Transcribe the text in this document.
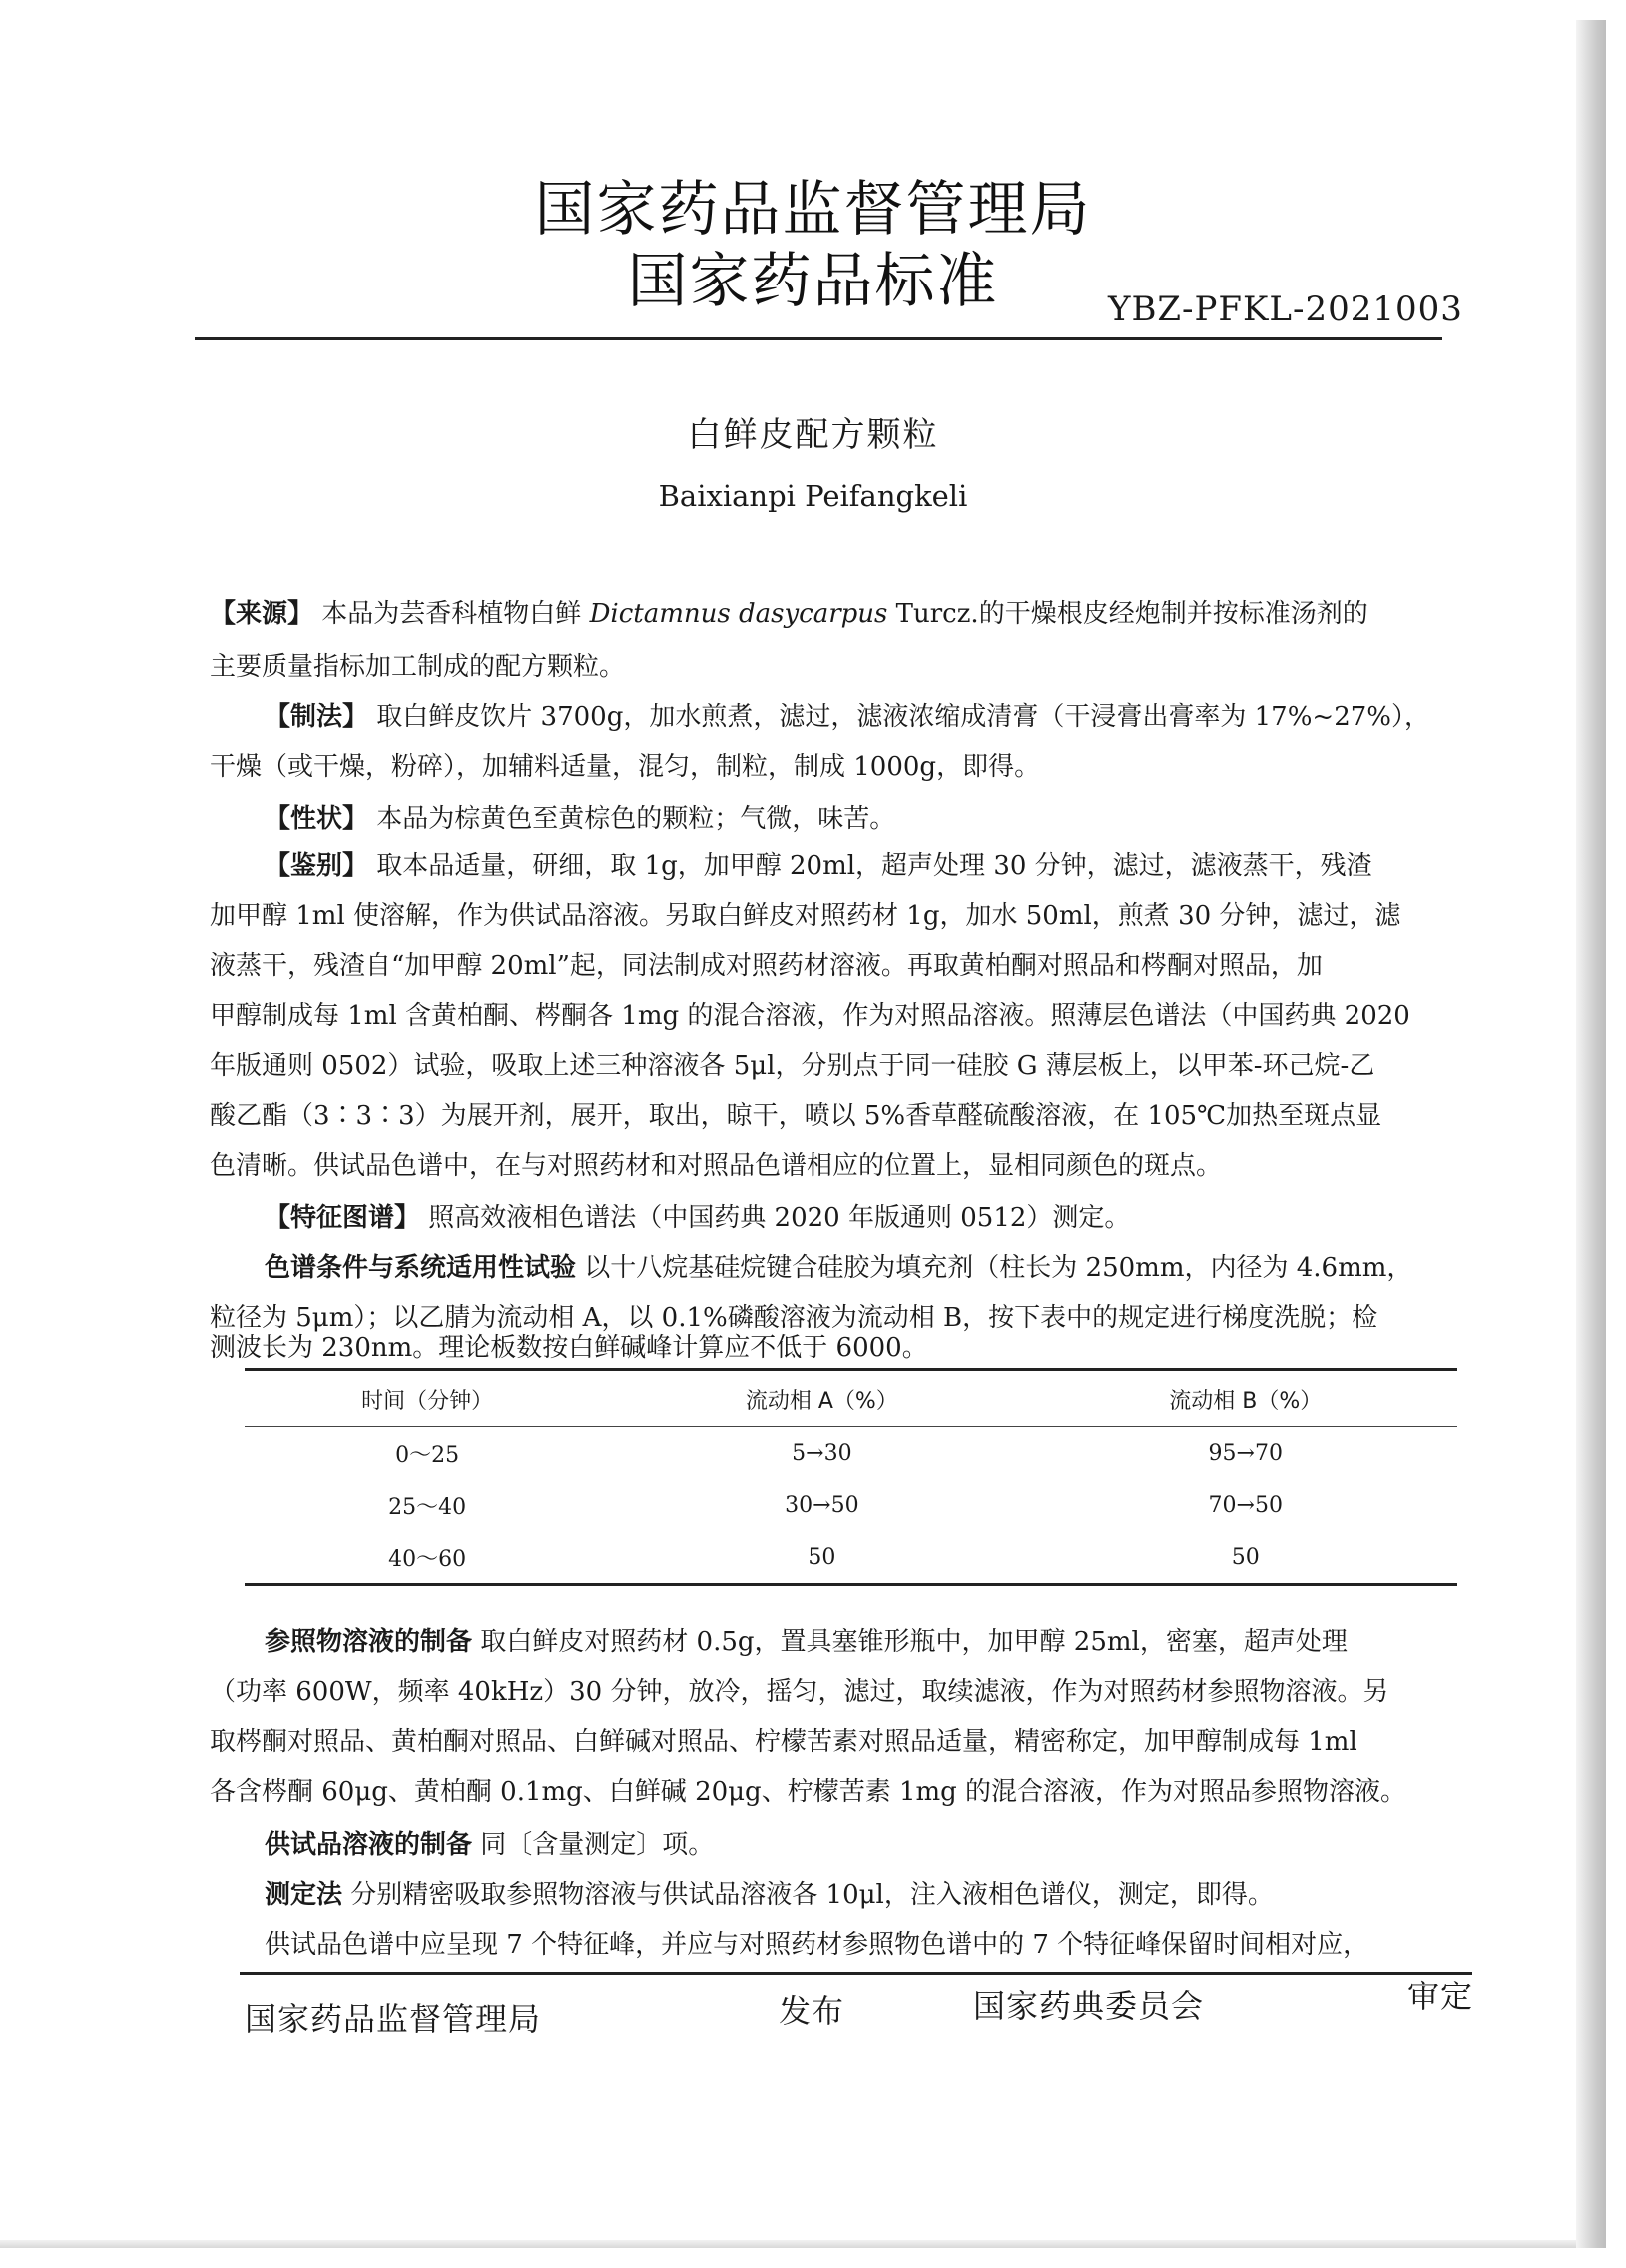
国家药品监督管理局
国家药品标准	YBZ-PFKL-2021003
白鲜皮配方颗粒
Baixianpi Peifangkeli
【来源】 本品为芸香科植物白鲜 Dictamnus dasycarpus Turcz.的干燥根皮经炮制并按标准汤剂的
主要质量指标加工制成的配方颗粒。
【制法】 取白鲜皮饮片 3700g，加水煎煮，滤过，滤液浓缩成清膏（干浸膏出膏率为 17%~27%），
干燥（或干燥，粉碎），加辅料适量，混匀，制粒，制成 1000g，即得。
【性状】 本品为棕黄色至黄棕色的颗粒；气微，味苦。
【鉴别】 取本品适量，研细，取 1g，加甲醇 20ml，超声处理 30 分钟，滤过，滤液蒸干，残渣
加甲醇 1ml 使溶解，作为供试品溶液。另取白鲜皮对照药材 1g，加水 50ml，煎煮 30 分钟，滤过，滤
液蒸干，残渣自“加甲醇 20ml”起，同法制成对照药材溶液。再取黄柏酮对照品和梣酮对照品，加
甲醇制成每 1ml 含黄柏酮、梣酮各 1mg 的混合溶液，作为对照品溶液。照薄层色谱法（中国药典 2020
年版通则 0502）试验，吸取上述三种溶液各 5μl，分别点于同一硅胶 G 薄层板上，以甲苯-环己烷-乙
酸乙酯（3∶3∶3）为展开剂，展开，取出，晾干，喷以 5%香草醛硫酸溶液，在 105℃加热至斑点显
色清晰。供试品色谱中，在与对照药材和对照品色谱相应的位置上，显相同颜色的斑点。
【特征图谱】 照高效液相色谱法（中国药典 2020 年版通则 0512）测定。
色谱条件与系统适用性试验 以十八烷基硅烷键合硅胶为填充剂（柱长为 250mm，内径为 4.6mm，
粒径为 5μm）；以乙腈为流动相 A，以 0.1%磷酸溶液为流动相 B，按下表中的规定进行梯度洗脱；检
时间（分钟）	流动相 A（%）	流动相 B（%）
0～25	5→30	95→70
25～40	30→50	70→50
40～60	50	50
测波长为 230nm。理论板数按白鲜碱峰计算应不低于 6000。
参照物溶液的制备 取白鲜皮对照药材 0.5g，置具塞锥形瓶中，加甲醇 25ml，密塞，超声处理
（功率 600W，频率 40kHz）30 分钟，放冷，摇匀，滤过，取续滤液，作为对照药材参照物溶液。另
取梣酮对照品、黄柏酮对照品、白鲜碱对照品、柠檬苦素对照品适量，精密称定，加甲醇制成每 1ml
各含梣酮 60μg、黄柏酮 0.1mg、白鲜碱 20μg、柠檬苦素 1mg 的混合溶液，作为对照品参照物溶液。
供试品溶液的制备 同〔含量测定〕项。
测定法 分别精密吸取参照物溶液与供试品溶液各 10μl，注入液相色谱仪，测定，即得。
供试品色谱中应呈现 7 个特征峰，并应与对照药材参照物色谱中的 7 个特征峰保留时间相对应，
国家药品监督管理局	发布	国家药典委员会	审定
